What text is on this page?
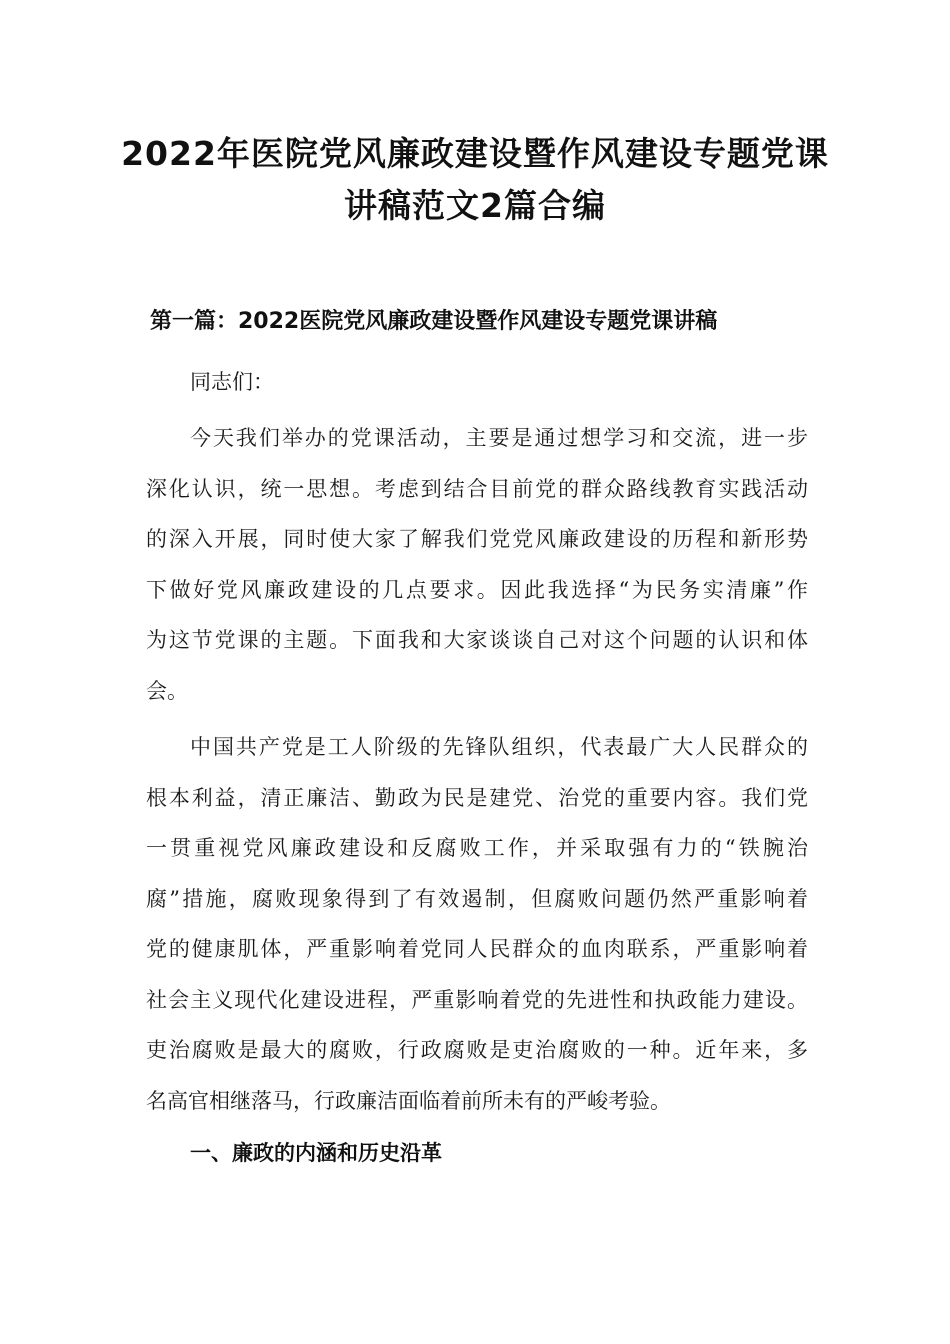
2022年医院党风廉政建设暨作风建设专题党课
讲稿范文2篇合编
第一篇：2022医院党风廉政建设暨作风建设专题党课讲稿
同志们：
今天我们举办的党课活动，主要是通过想学习和交流，进一步
深化认识，统一思想。考虑到结合目前党的群众路线教育实践活动
的深入开展，同时使大家了解我们党党风廉政建设的历程和新形势
下做好党风廉政建设的几点要求。因此我选择“为民务实清廉”作
为这节党课的主题。下面我和大家谈谈自己对这个问题的认识和体
会。
中国共产党是工人阶级的先锋队组织，代表最广大人民群众的
根本利益，清正廉洁、勤政为民是建党、治党的重要内容。我们党
一贯重视党风廉政建设和反腐败工作，并采取强有力的“铁腕治
腐”措施，腐败现象得到了有效遏制，但腐败问题仍然严重影响着
党的健康肌体，严重影响着党同人民群众的血肉联系，严重影响着
社会主义现代化建设进程，严重影响着党的先进性和执政能力建设。
吏治腐败是最大的腐败，行政腐败是吏治腐败的一种。近年来，多
名高官相继落马，行政廉洁面临着前所未有的严峻考验。
一、廉政的内涵和历史沿革
